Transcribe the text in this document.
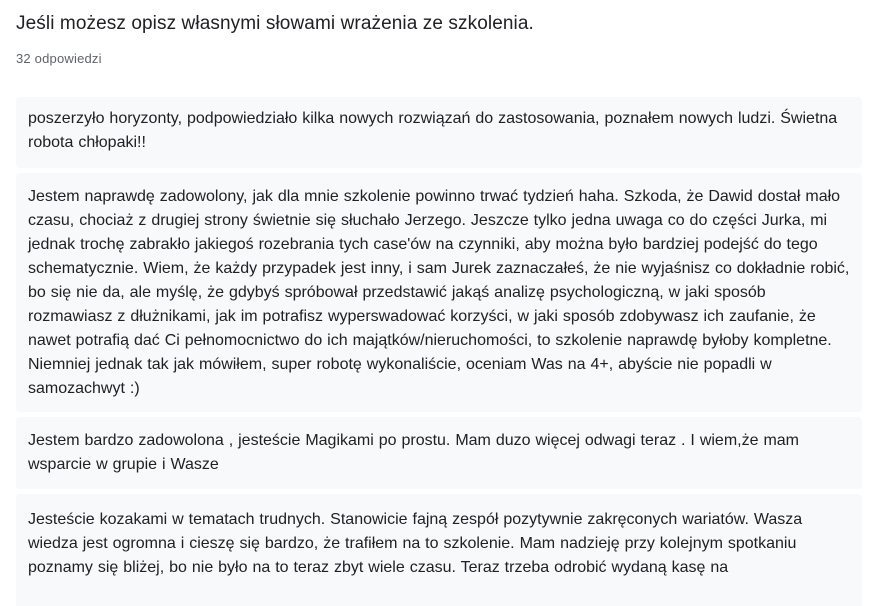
Jeśli możesz opisz własnymi słowami wrażenia ze szkolenia.
32 odpowiedzi
poszerzyło horyzonty, podpowiedziało kilka nowych rozwiązań do zastosowania, poznałem nowych ludzi. Świetna robota chłopaki!!
Jestem naprawdę zadowolony, jak dla mnie szkolenie powinno trwać tydzień haha. Szkoda, że Dawid dostał mało czasu, chociaż z drugiej strony świetnie się słuchało Jerzego. Jeszcze tylko jedna uwaga co do części Jurka, mi jednak trochę zabrakło jakiegoś rozebrania tych case'ów na czynniki, aby można było bardziej podejść do tego schematycznie. Wiem, że każdy przypadek jest inny, i sam Jurek zaznaczałeś, że nie wyjaśnisz co dokładnie robić, bo się nie da, ale myślę, że gdybyś spróbował przedstawić jakąś analizę psychologiczną, w jaki sposób rozmawiasz z dłużnikami, jak im potrafisz wyperswadować korzyści, w jaki sposób zdobywasz ich zaufanie, że nawet potrafią dać Ci pełnomocnictwo do ich majątków/nieruchomości, to szkolenie naprawdę byłoby kompletne. Niemniej jednak tak jak mówiłem, super robotę wykonaliście, oceniam Was na 4+, abyście nie popadli w samozachwyt :)
Jestem bardzo zadowolona , jesteście Magikami po prostu. Mam duzo więcej odwagi teraz . I wiem,że mam wsparcie w grupie i Wasze
Jesteście kozakami w tematach trudnych. Stanowicie fajną zespół pozytywnie zakręconych wariatów. Wasza wiedza jest ogromna i cieszę się bardzo, że trafiłem na to szkolenie. Mam nadzieję przy kolejnym spotkaniu poznamy się bliżej, bo nie było na to teraz zbyt wiele czasu. Teraz trzeba odrobić wydaną kasę na
